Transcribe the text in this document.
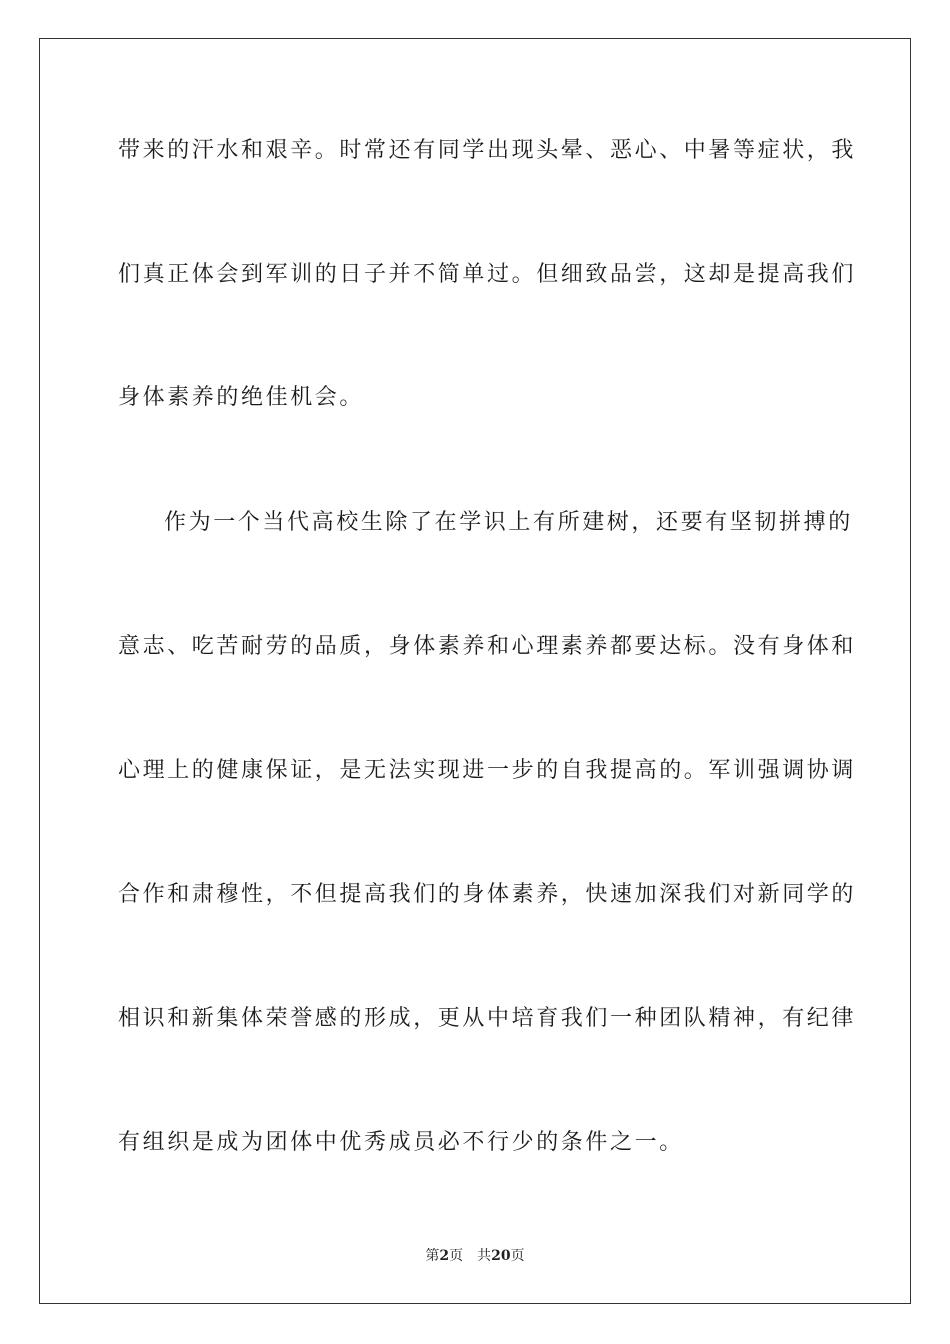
带来的汗水和艰辛。时常还有同学出现头晕、恶心、中暑等症状，我
们真正体会到军训的日子并不简单过。但细致品尝，这却是提高我们
身体素养的绝佳机会。
作为一个当代高校生除了在学识上有所建树，还要有坚韧拼搏的
意志、吃苦耐劳的品质，身体素养和心理素养都要达标。没有身体和
心理上的健康保证，是无法实现进一步的自我提高的。军训强调协调
合作和肃穆性，不但提高我们的身体素养，快速加深我们对新同学的
相识和新集体荣誉感的形成，更从中培育我们一种团队精神，有纪律
有组织是成为团体中优秀成员必不行少的条件之一。
第2页 共20页
